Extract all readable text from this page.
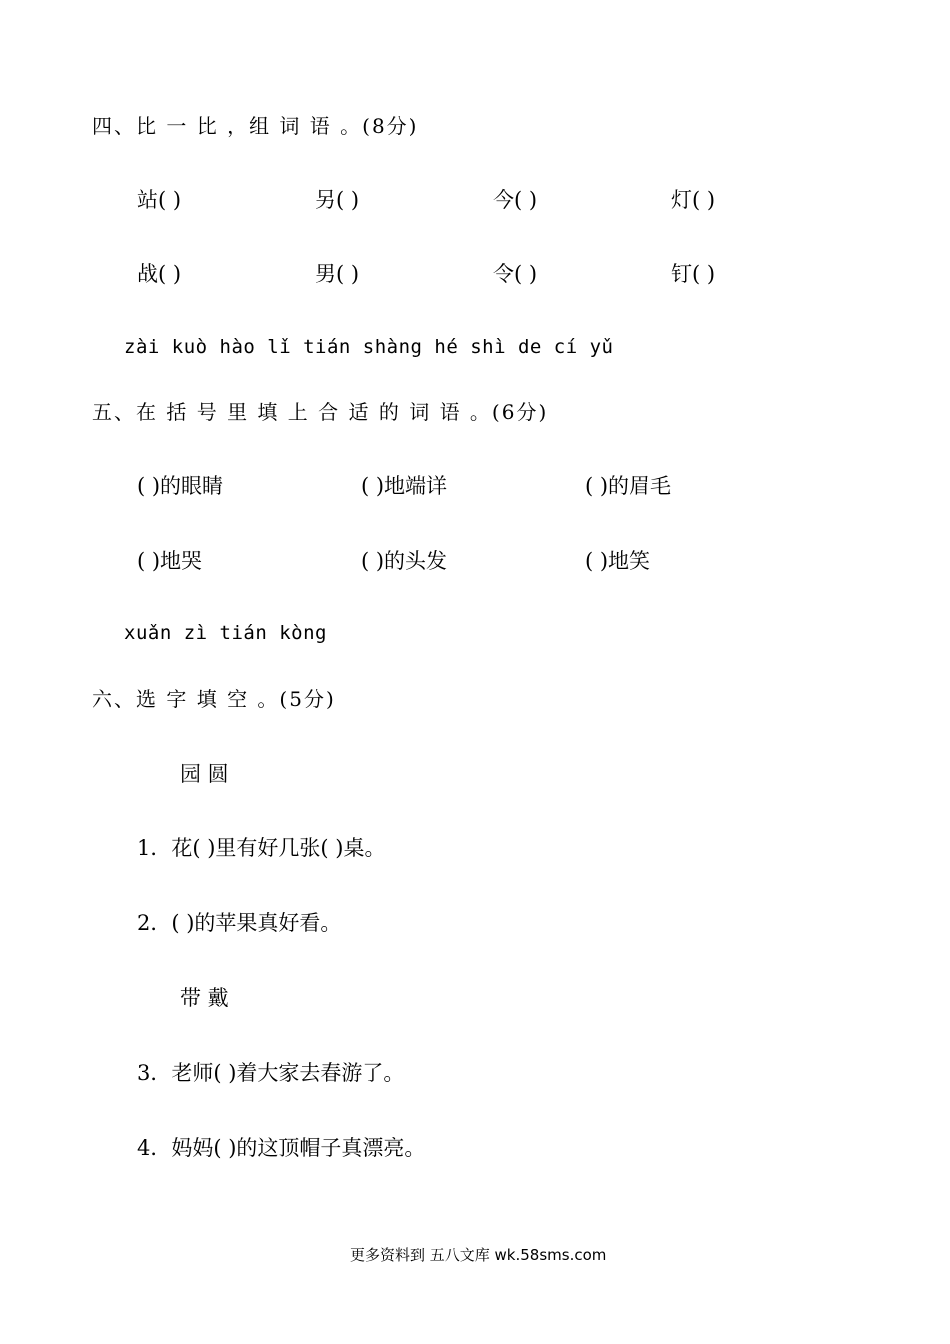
四、比 一 比 ，组 词 语 。(8分)
站( )	另( )	今( )	灯( )
战( )	男( )	令( )	钉( )
zài kuò hào lǐ tián shàng hé shì de cí yǔ
五、在 括 号 里 填 上 合 适 的 词 语 。(6分)
( )的眼睛	( )地端详	( )的眉毛
( )地哭	( )的头发	( )地笑
xuǎn zì tián kòng
六、选 字 填 空 。(5分)
园 圆
1．花( )里有好几张( )桌。
2．( )的苹果真好看。
带 戴
3．老师( )着大家去春游了。
4．妈妈( )的这顶帽子真漂亮。
更多资料到 五八文库 wk.58sms.com
